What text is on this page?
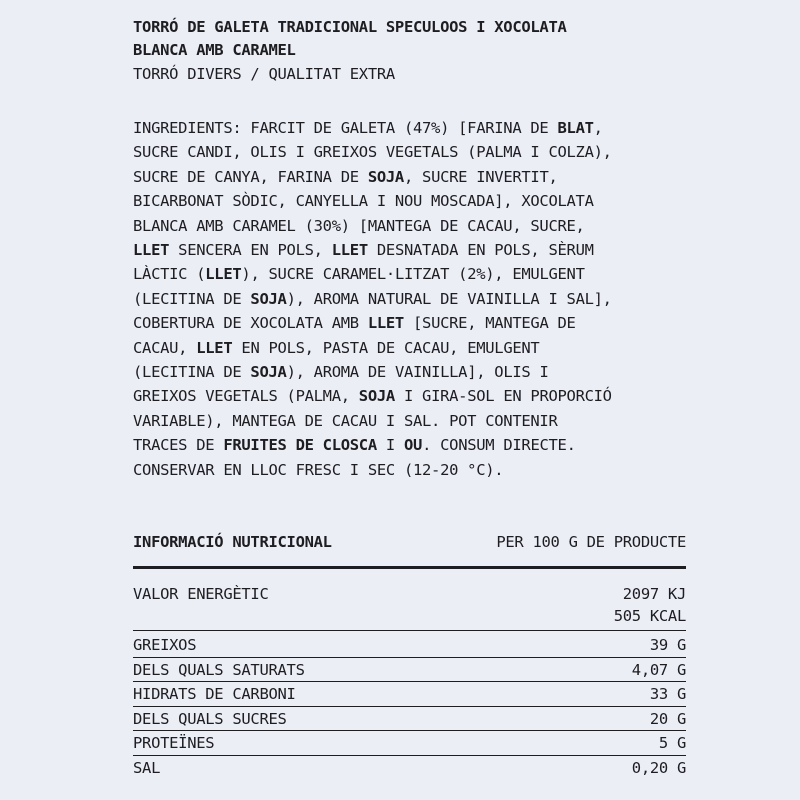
TORRÓ DE GALETA TRADICIONAL SPECULOOS I XOCOLATA
BLANCA AMB CARAMEL
TORRÓ DIVERS / QUALITAT EXTRA
INGREDIENTS: FARCIT DE GALETA (47%) [FARINA DE BLAT,
SUCRE CANDI, OLIS I GREIXOS VEGETALS (PALMA I COLZA),
SUCRE DE CANYA, FARINA DE SOJA, SUCRE INVERTIT,
BICARBONAT SÒDIC, CANYELLA I NOU MOSCADA], XOCOLATA
BLANCA AMB CARAMEL (30%) [MANTEGA DE CACAU, SUCRE,
LLET SENCERA EN POLS, LLET DESNATADA EN POLS, SÈRUM
LÀCTIC (LLET), SUCRE CARAMEL·LITZAT (2%), EMULGENT
(LECITINA DE SOJA), AROMA NATURAL DE VAINILLA I SAL],
COBERTURA DE XOCOLATA AMB LLET [SUCRE, MANTEGA DE
CACAU, LLET EN POLS, PASTA DE CACAU, EMULGENT
(LECITINA DE SOJA), AROMA DE VAINILLA], OLIS I
GREIXOS VEGETALS (PALMA, SOJA I GIRA-SOL EN PROPORCIÓ
VARIABLE), MANTEGA DE CACAU I SAL. POT CONTENIR
TRACES DE FRUITES DE CLOSCA I OU. CONSUM DIRECTE.
CONSERVAR EN LLOC FRESC I SEC (12-20 °C).
INFORMACIÓ NUTRICIONAL	PER 100 G DE PRODUCTE
VALOR ENERGÈTIC	2097 KJ
505 KCAL
GREIXOS	39 G
DELS QUALS SATURATS	4,07 G
HIDRATS DE CARBONI	33 G
DELS QUALS SUCRES	20 G
PROTEÏNES	5 G
SAL	0,20 G
